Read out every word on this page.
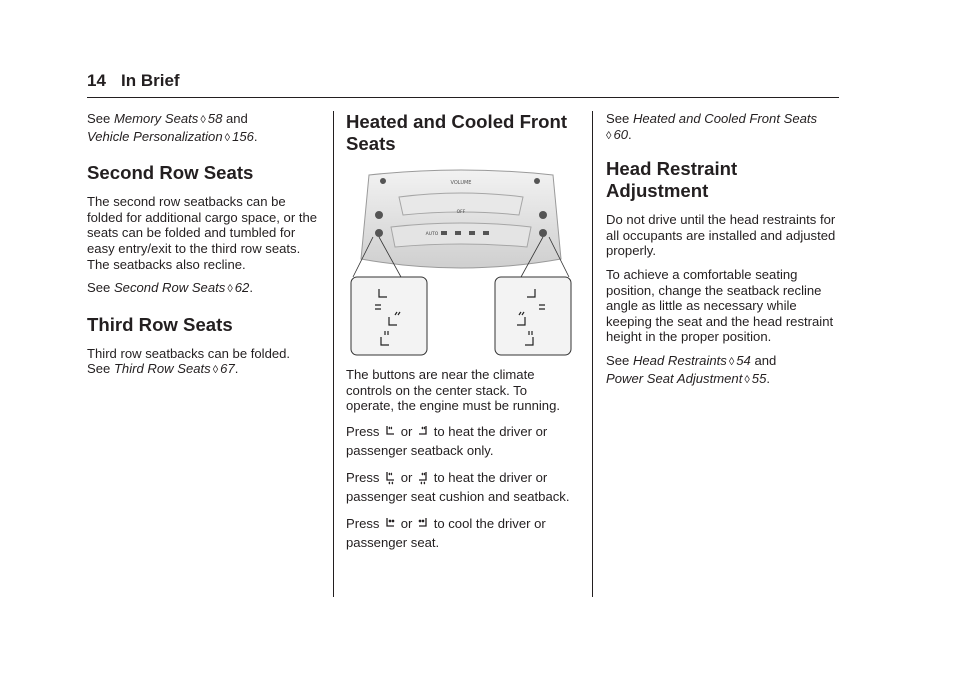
14 In Brief

See Memory Seats ◊ 58 and
Vehicle Personalization ◊ 156.

Second Row Seats

The second row seatbacks can be folded for additional cargo space, or the seats can be folded and tumbled for easy entry/exit to the third row seats. The seatbacks also recline.

See Second Row Seats ◊ 62.

Third Row Seats

Third row seatbacks can be folded.
See Third Row Seats ◊ 67.

Heated and Cooled Front
Seats
VOLUME
OFF
AUTO

The buttons are near the climate controls on the center stack. To operate, the engine must be running.

Press or to heat the driver or passenger seatback only.

Press or to heat the driver or passenger seat cushion and seatback.

Press or to cool the driver or passenger seat.

See Heated and Cooled Front Seats
◊ 60.

Head Restraint
Adjustment

Do not drive until the head restraints for all occupants are installed and adjusted properly.

To achieve a comfortable seating position, change the seatback recline angle as little as necessary while keeping the seat and the head restraint height in the proper position.

See Head Restraints ◊ 54 and
Power Seat Adjustment ◊ 55.
